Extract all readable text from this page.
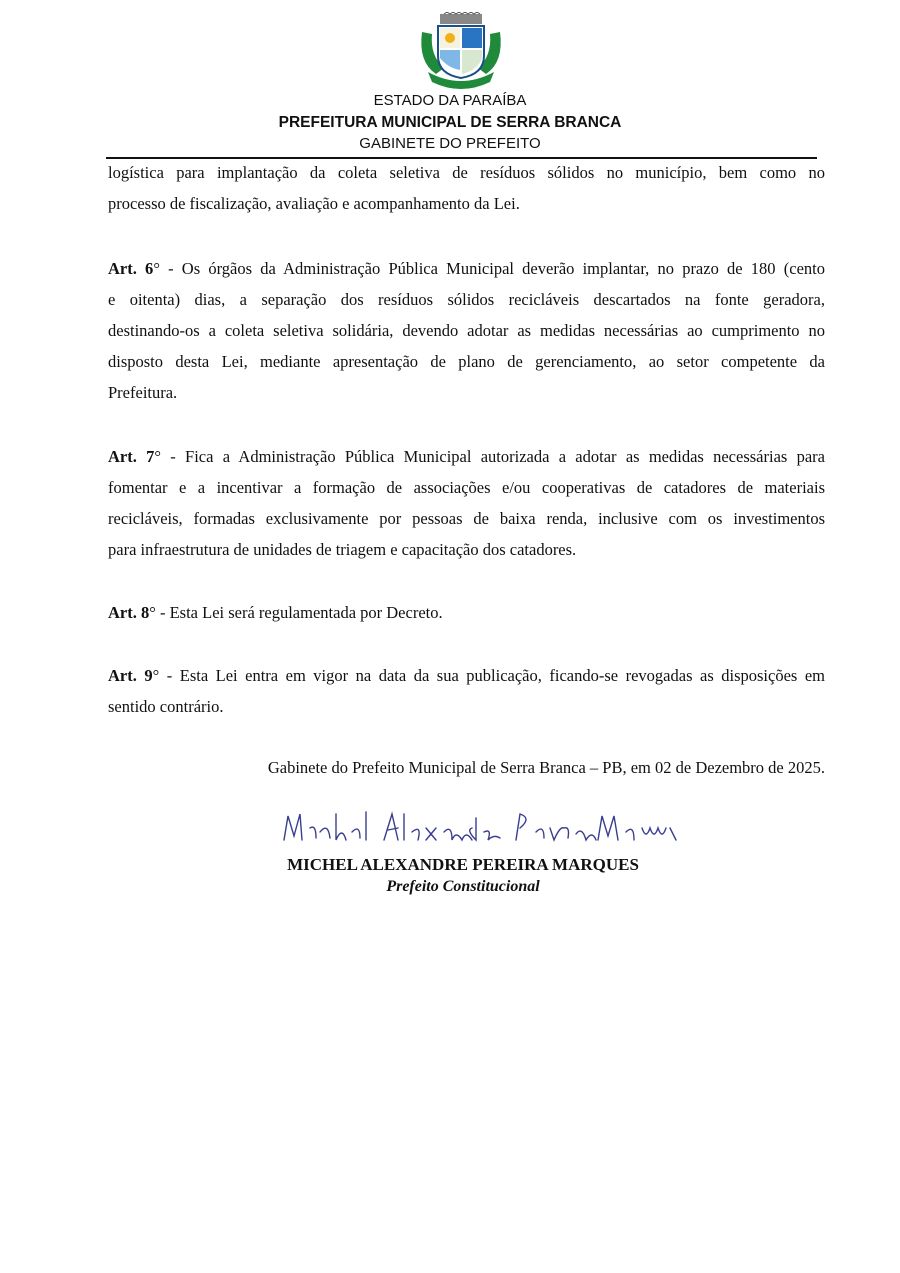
ESTADO DA PARAÍBA
PREFEITURA MUNICIPAL DE SERRA BRANCA
GABINETE DO PREFEITO
logística para implantação da coleta seletiva de resíduos sólidos no município, bem como no
processo de fiscalização, avaliação e acompanhamento da Lei.
Art. 6° - Os órgãos da Administração Pública Municipal deverão implantar, no prazo de 180 (cento
e oitenta) dias, a separação dos resíduos sólidos recicláveis descartados na fonte geradora,
destinando-os a coleta seletiva solidária, devendo adotar as medidas necessárias ao cumprimento no
disposto desta Lei, mediante apresentação de plano de gerenciamento, ao setor competente da
Prefeitura.
Art. 7° - Fica a Administração Pública Municipal autorizada a adotar as medidas necessárias para
fomentar e a incentivar a formação de associações e/ou cooperativas de catadores de materiais
recicláveis, formadas exclusivamente por pessoas de baixa renda, inclusive com os investimentos
para infraestrutura de unidades de triagem e capacitação dos catadores.
Art. 8° - Esta Lei será regulamentada por Decreto.
Art. 9° - Esta Lei entra em vigor na data da sua publicação, ficando-se revogadas as disposições em
sentido contrário.
Gabinete do Prefeito Municipal de Serra Branca – PB, em 02 de Dezembro de 2025.
MICHEL ALEXANDRE PEREIRA MARQUES
Prefeito Constitucional
